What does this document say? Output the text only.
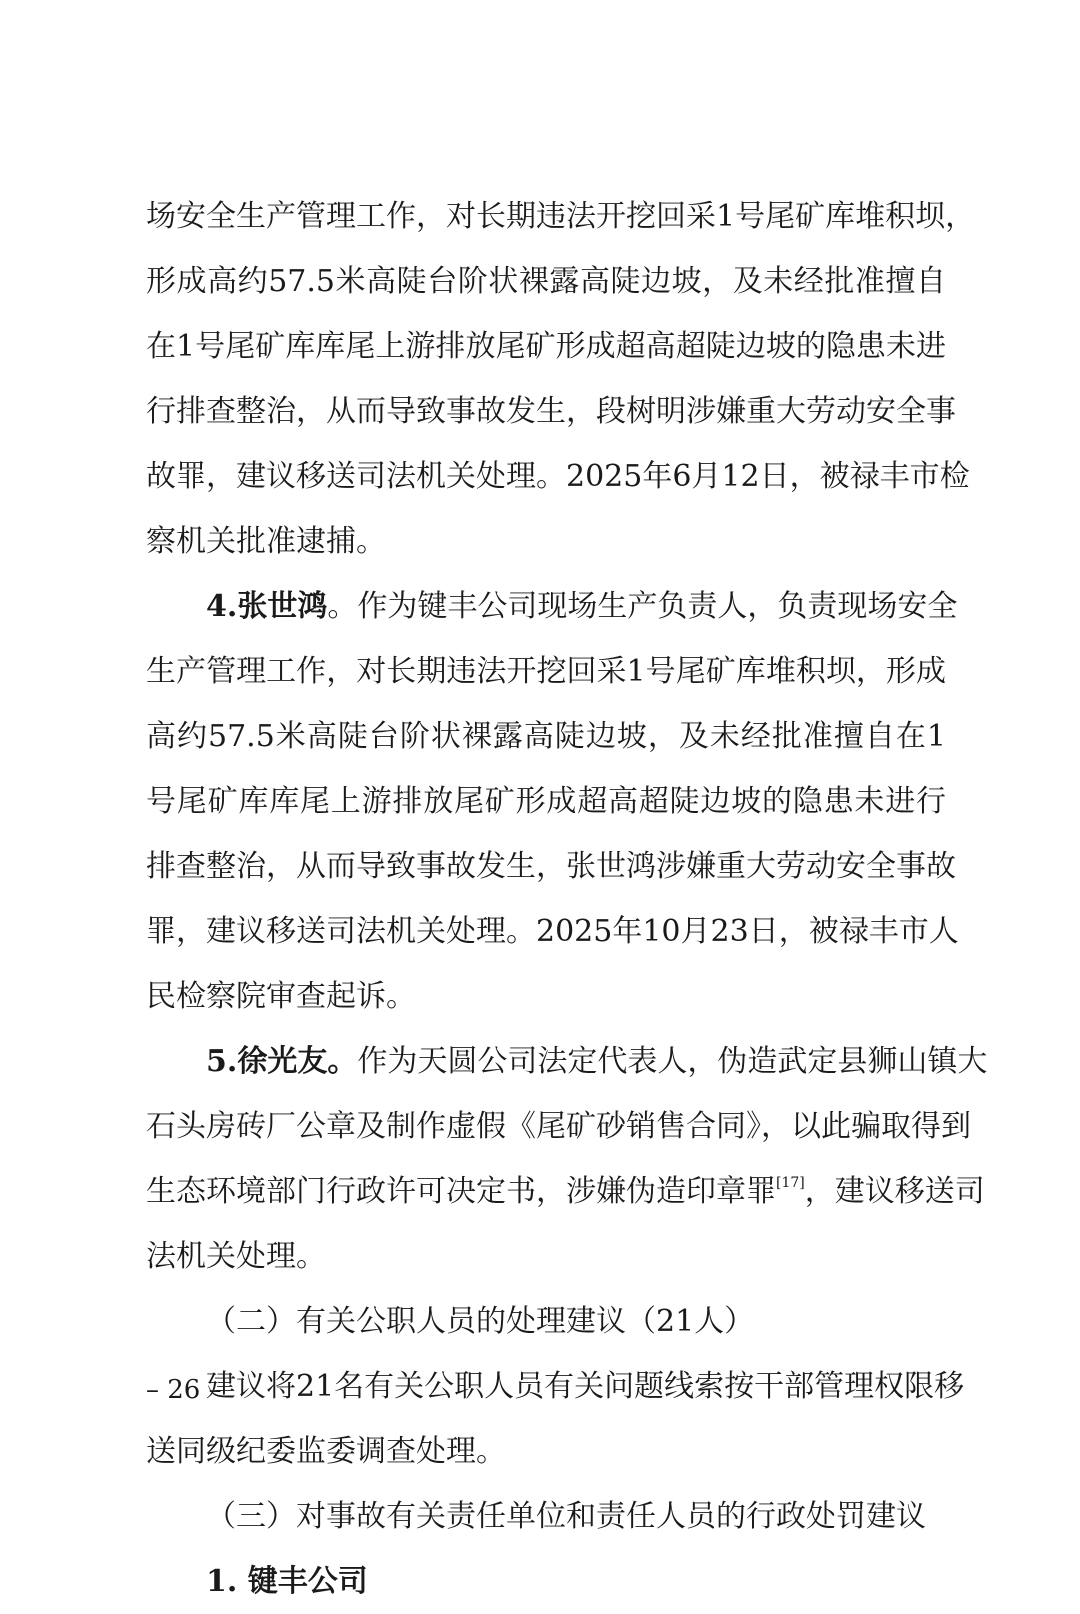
场安全生产管理工作，对长期违法开挖回采1号尾矿库堆积坝，
形成高约57.5米高陡台阶状裸露高陡边坡，及未经批准擅自
在1号尾矿库库尾上游排放尾矿形成超高超陡边坡的隐患未进
行排查整治，从而导致事故发生，段树明涉嫌重大劳动安全事
故罪，建议移送司法机关处理。2025年6月12日，被禄丰市检
察机关批准逮捕。
4.张世鸿。作为键丰公司现场生产负责人，负责现场安全
生产管理工作，对长期违法开挖回采1号尾矿库堆积坝，形成
高约57.5米高陡台阶状裸露高陡边坡，及未经批准擅自在1
号尾矿库库尾上游排放尾矿形成超高超陡边坡的隐患未进行
排查整治，从而导致事故发生，张世鸿涉嫌重大劳动安全事故
罪，建议移送司法机关处理。2025年10月23日，被禄丰市人
民检察院审查起诉。
5.徐光友。作为天圆公司法定代表人，伪造武定县狮山镇大
石头房砖厂公章及制作虚假《尾矿砂销售合同》，以此骗取得到
生态环境部门行政许可决定书，涉嫌伪造印章罪[17]，建议移送司
法机关处理。
（二）有关公职人员的处理建议（21人）
建议将21名有关公职人员有关问题线索按干部管理权限移
送同级纪委监委调查处理。
（三）对事故有关责任单位和责任人员的行政处罚建议
1. 键丰公司
– 26 –
